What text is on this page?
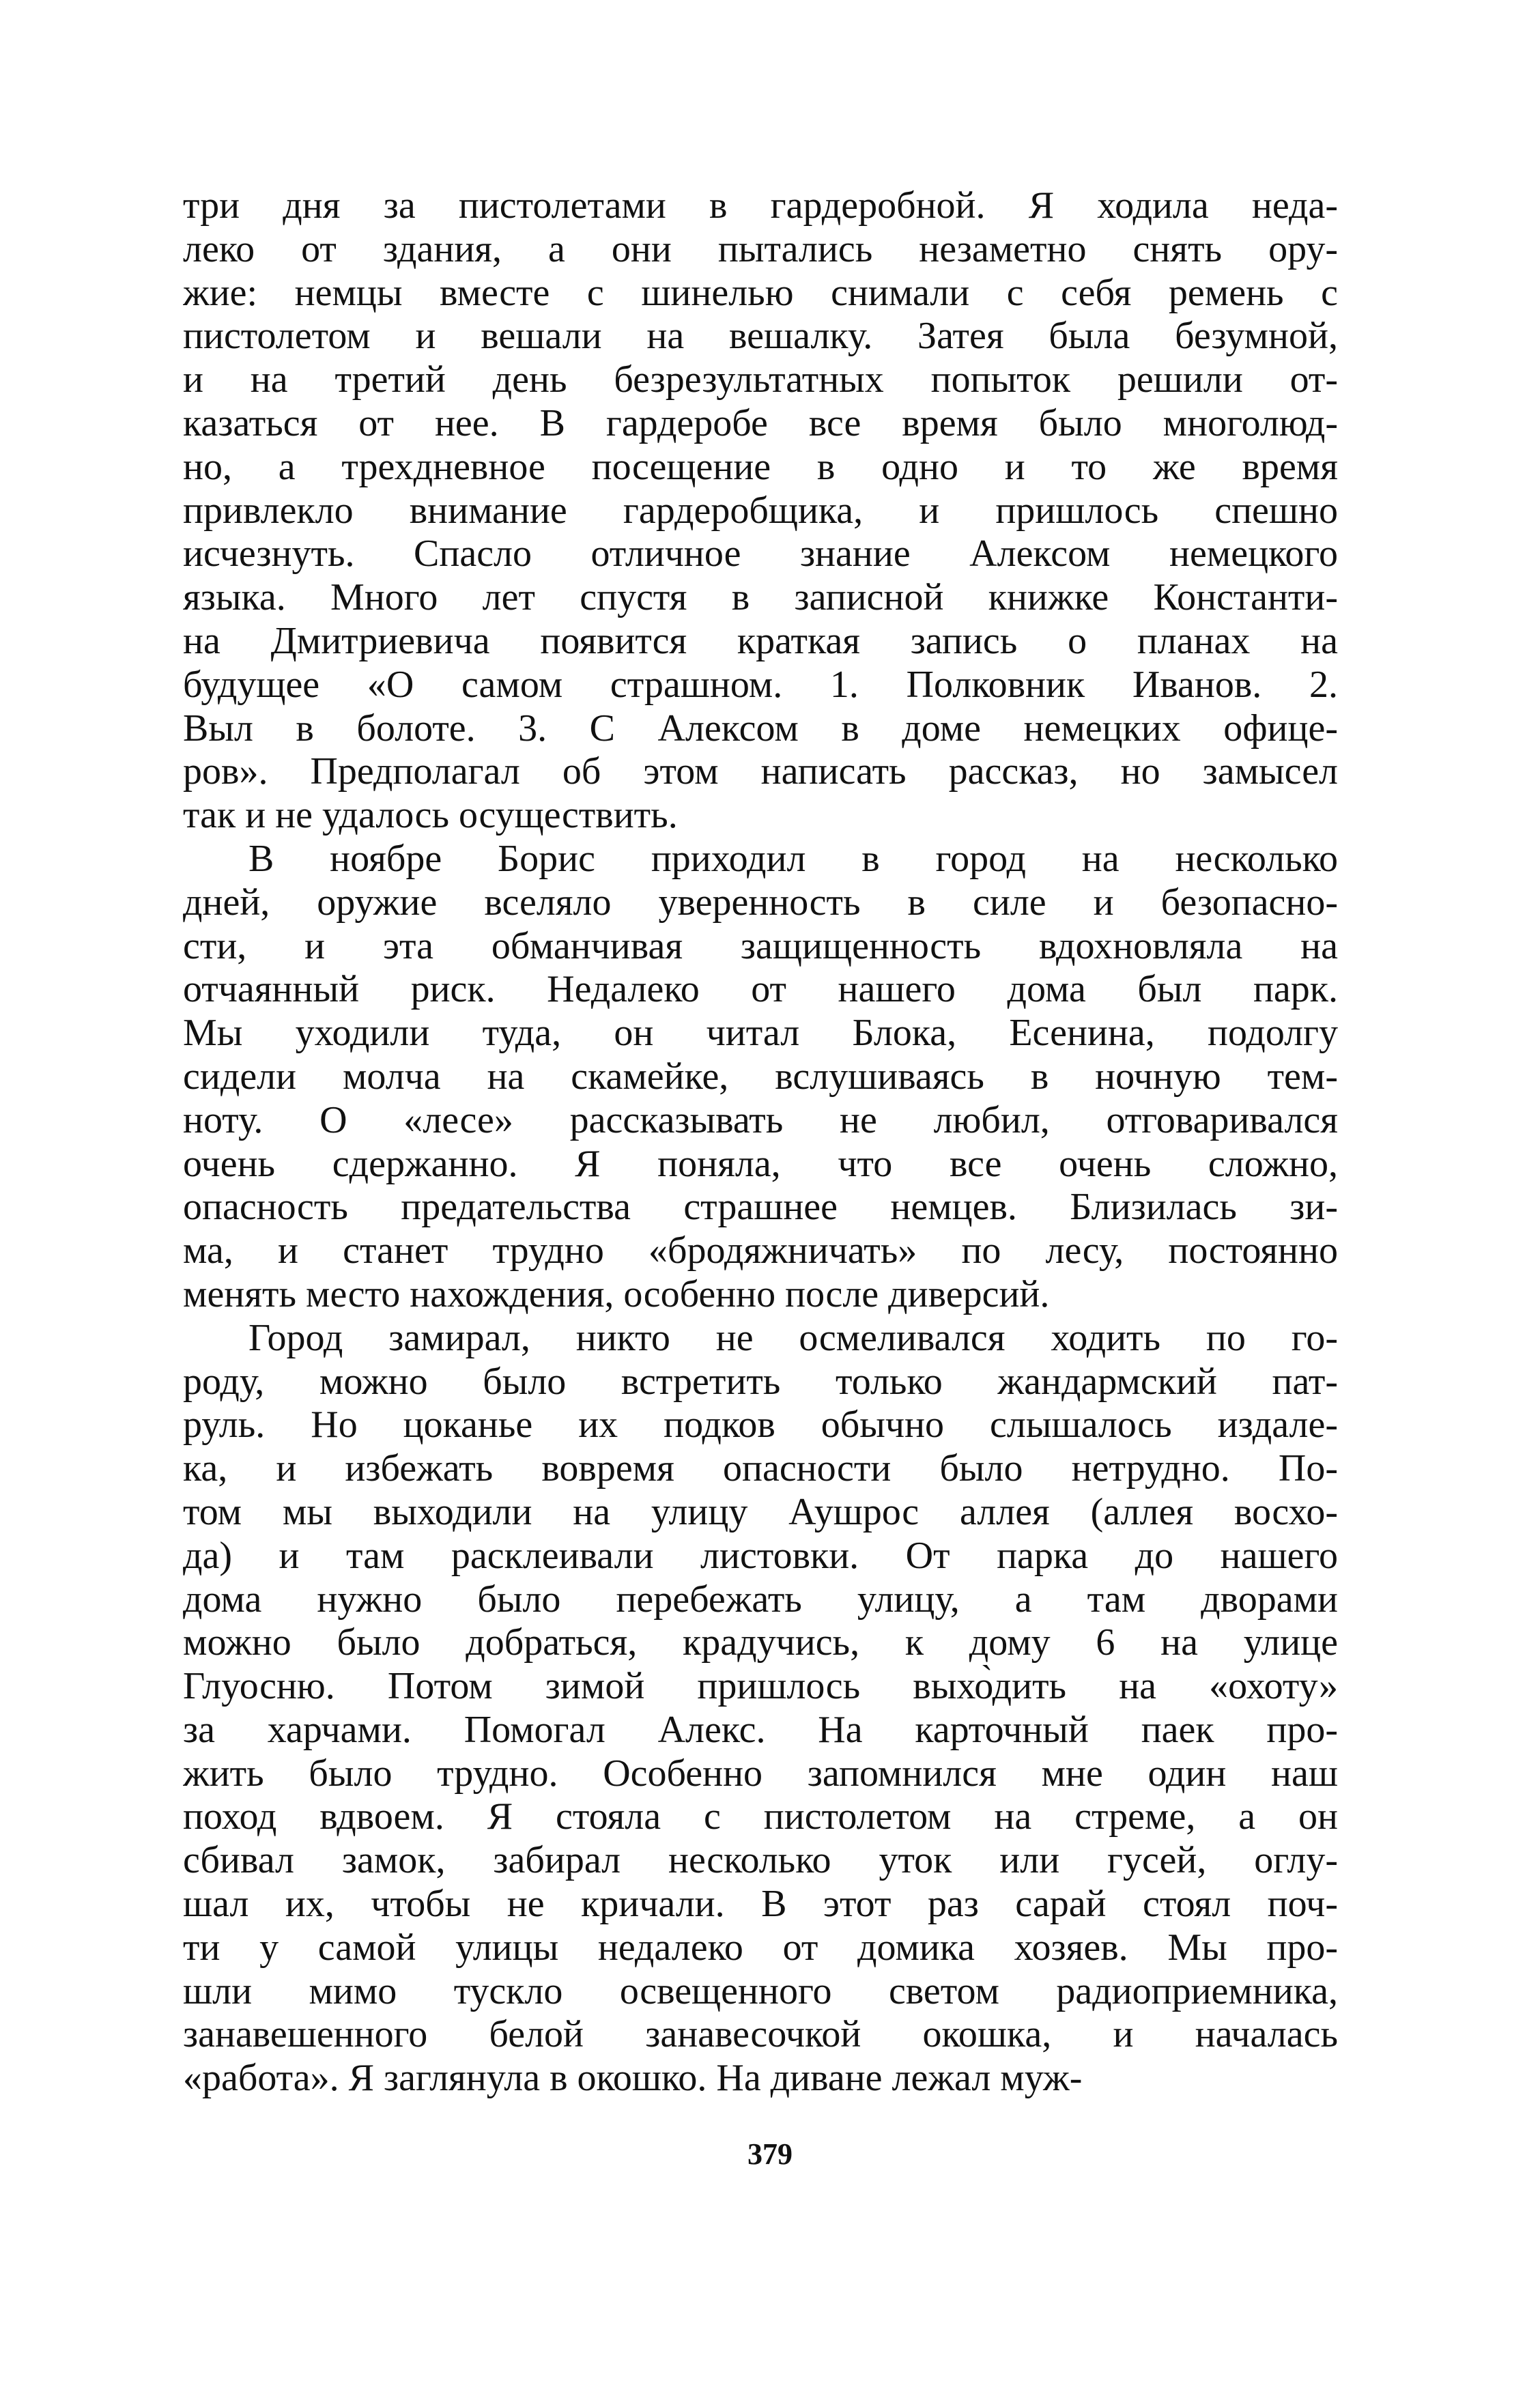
три дня за пистолетами в гардеробной. Я ходила неда-
леко от здания, а они пытались незаметно снять ору-
жие: немцы вместе с шинелью снимали с себя ремень с
пистолетом и вешали на вешалку. Затея была безумной,
и на третий день безрезультатных попыток решили от-
казаться от нее. В гардеробе все время было многолюд-
но, а трехдневное посещение в одно и то же время
привлекло внимание гардеробщика, и пришлось спешно
исчезнуть. Спасло отличное знание Алексом немецкого
языка. Много лет спустя в записной книжке Константи-
на Дмитриевича появится краткая запись о планах на
будущее «О самом страшном. 1. Полковник Иванов. 2.
Выл в болоте. 3. С Алексом в доме немецких офице-
ров». Предполагал об этом написать рассказ, но замысел
так и не удалось осуществить.
В ноябре Борис приходил в город на несколько
дней, оружие вселяло уверенность в силе и безопасно-
сти, и эта обманчивая защищенность вдохновляла на
отчаянный риск. Недалеко от нашего дома был парк.
Мы уходили туда, он читал Блока, Есенина, подолгу
сидели молча на скамейке, вслушиваясь в ночную тем-
ноту. О «лесе» рассказывать не любил, отговаривался
очень сдержанно. Я поняла, что все очень сложно,
опасность предательства страшнее немцев. Близилась зи-
ма, и станет трудно «бродяжничать» по лесу, постоянно
менять место нахождения, особенно после диверсий.
Город замирал, никто не осмеливался ходить по го-
роду, можно было встретить только жандармский пат-
руль. Но цоканье их подков обычно слышалось издале-
ка, и избежать вовремя опасности было нетрудно. По-
том мы выходили на улицу Аушрос аллея (аллея восхо-
да) и там расклеивали листовки. От парка до нашего
дома нужно было перебежать улицу, а там дворами
можно было добраться, крадучись, к дому 6 на улице
Глуосню. Потом зимой пришлось выхо̀дить на «охоту»
за харчами. Помогал Алекс. На карточный паек про-
жить было трудно. Особенно запомнился мне один наш
поход вдвоем. Я стояла с пистолетом на стреме, а он
сбивал замок, забирал несколько уток или гусей, оглу-
шал их, чтобы не кричали. В этот раз сарай стоял поч-
ти у самой улицы недалеко от домика хозяев. Мы про-
шли мимо тускло освещенного светом радиоприемника,
занавешенного белой занавесочкой окошка, и началась
«работа». Я заглянула в окошко. На диване лежал муж-
379
